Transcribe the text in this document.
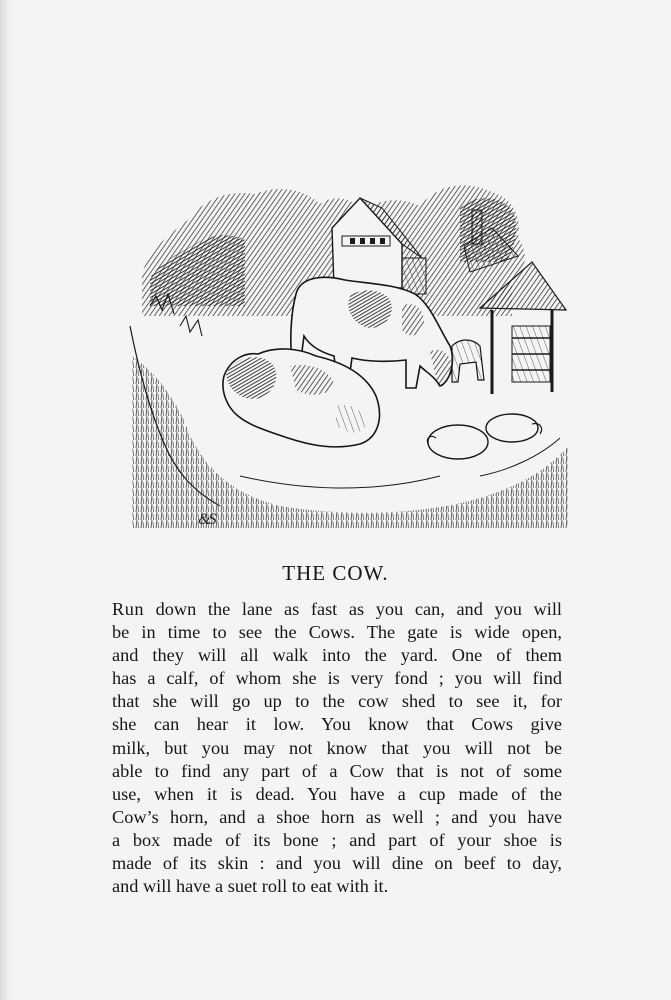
&S
THE COW.
Run down the lane as fast as you can, and you will
be in time to see the Cows. The gate is wide open,
and they will all walk into the yard. One of them
has a calf, of whom she is very fond ; you will find
that she will go up to the cow shed to see it, for
she can hear it low. You know that Cows give
milk, but you may not know that you will not be
able to find any part of a Cow that is not of some
use, when it is dead. You have a cup made of the
Cow’s horn, and a shoe horn as well ; and you have
a box made of its bone ; and part of your shoe is
made of its skin : and you will dine on beef to day,
and will have a suet roll to eat with it.
